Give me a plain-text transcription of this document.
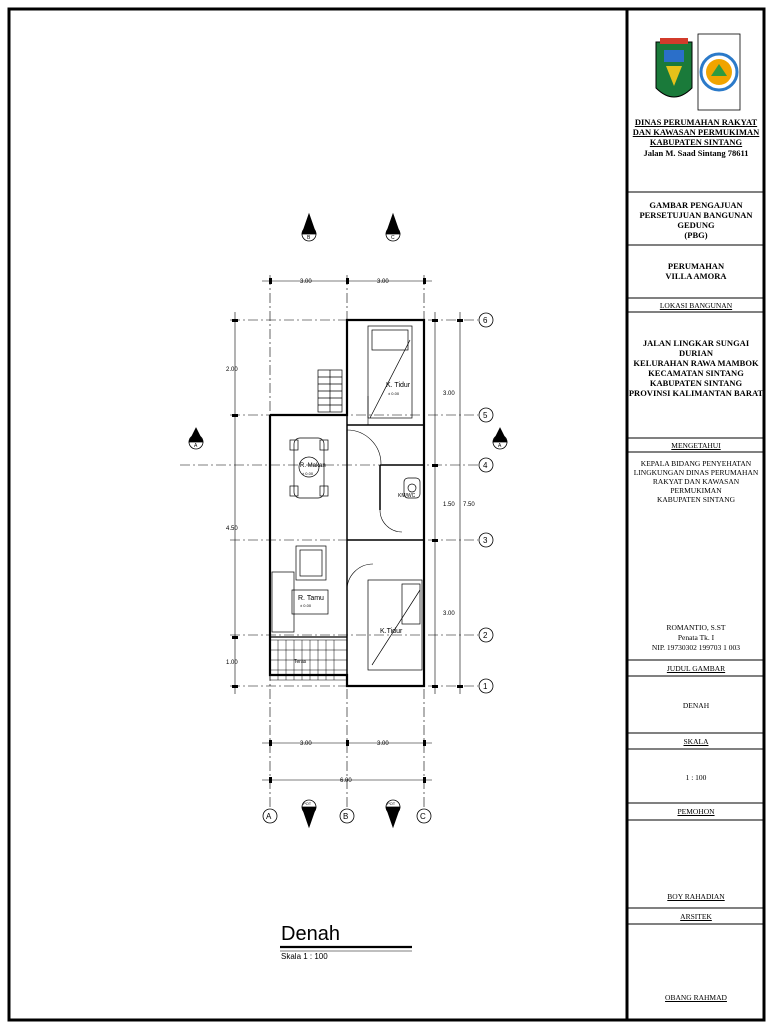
K. Tidur
± 0.00
R. Makan
± 0.00
KM/WC
R. Tamu
± 0.00
K.Tidur
Teras
3.00	3.00
3.00	3.00
6.00
2.00
4.50
1.00
3.00
1.50
3.00
7.50
A	B	C
1
2
3
4
5
6
POT
B
POT
C
POT
B
POT
C
POT
A
POT
A
Denah
Skala 1 : 100
DINAS PERUMAHAN RAKYAT
DAN KAWASAN PERMUKIMAN
KABUPATEN SINTANG
Jalan M. Saad Sintang 78611
GAMBAR PENGAJUAN
PERSETUJUAN BANGUNAN GEDUNG
(PBG)
PERUMAHAN
VILLA AMORA
LOKASI BANGUNAN
JALAN LINGKAR SUNGAI DURIAN
KELURAHAN RAWA MAMBOK
KECAMATAN SINTANG
KABUPATEN SINTANG
PROVINSI KALIMANTAN BARAT
MENGETAHUI
KEPALA BIDANG PENYEHATAN
LINGKUNGAN DINAS PERUMAHAN
RAKYAT DAN KAWASAN
PERMUKIMAN
KABUPATEN SINTANG
ROMANTIO, S.ST
Penata Tk. I
NIP. 19730302 199703 1 003
JUDUL GAMBAR
DENAH
SKALA
1 : 100
PEMOHON
BOY RAHADIAN
ARSITEK
OBANG RAHMAD
